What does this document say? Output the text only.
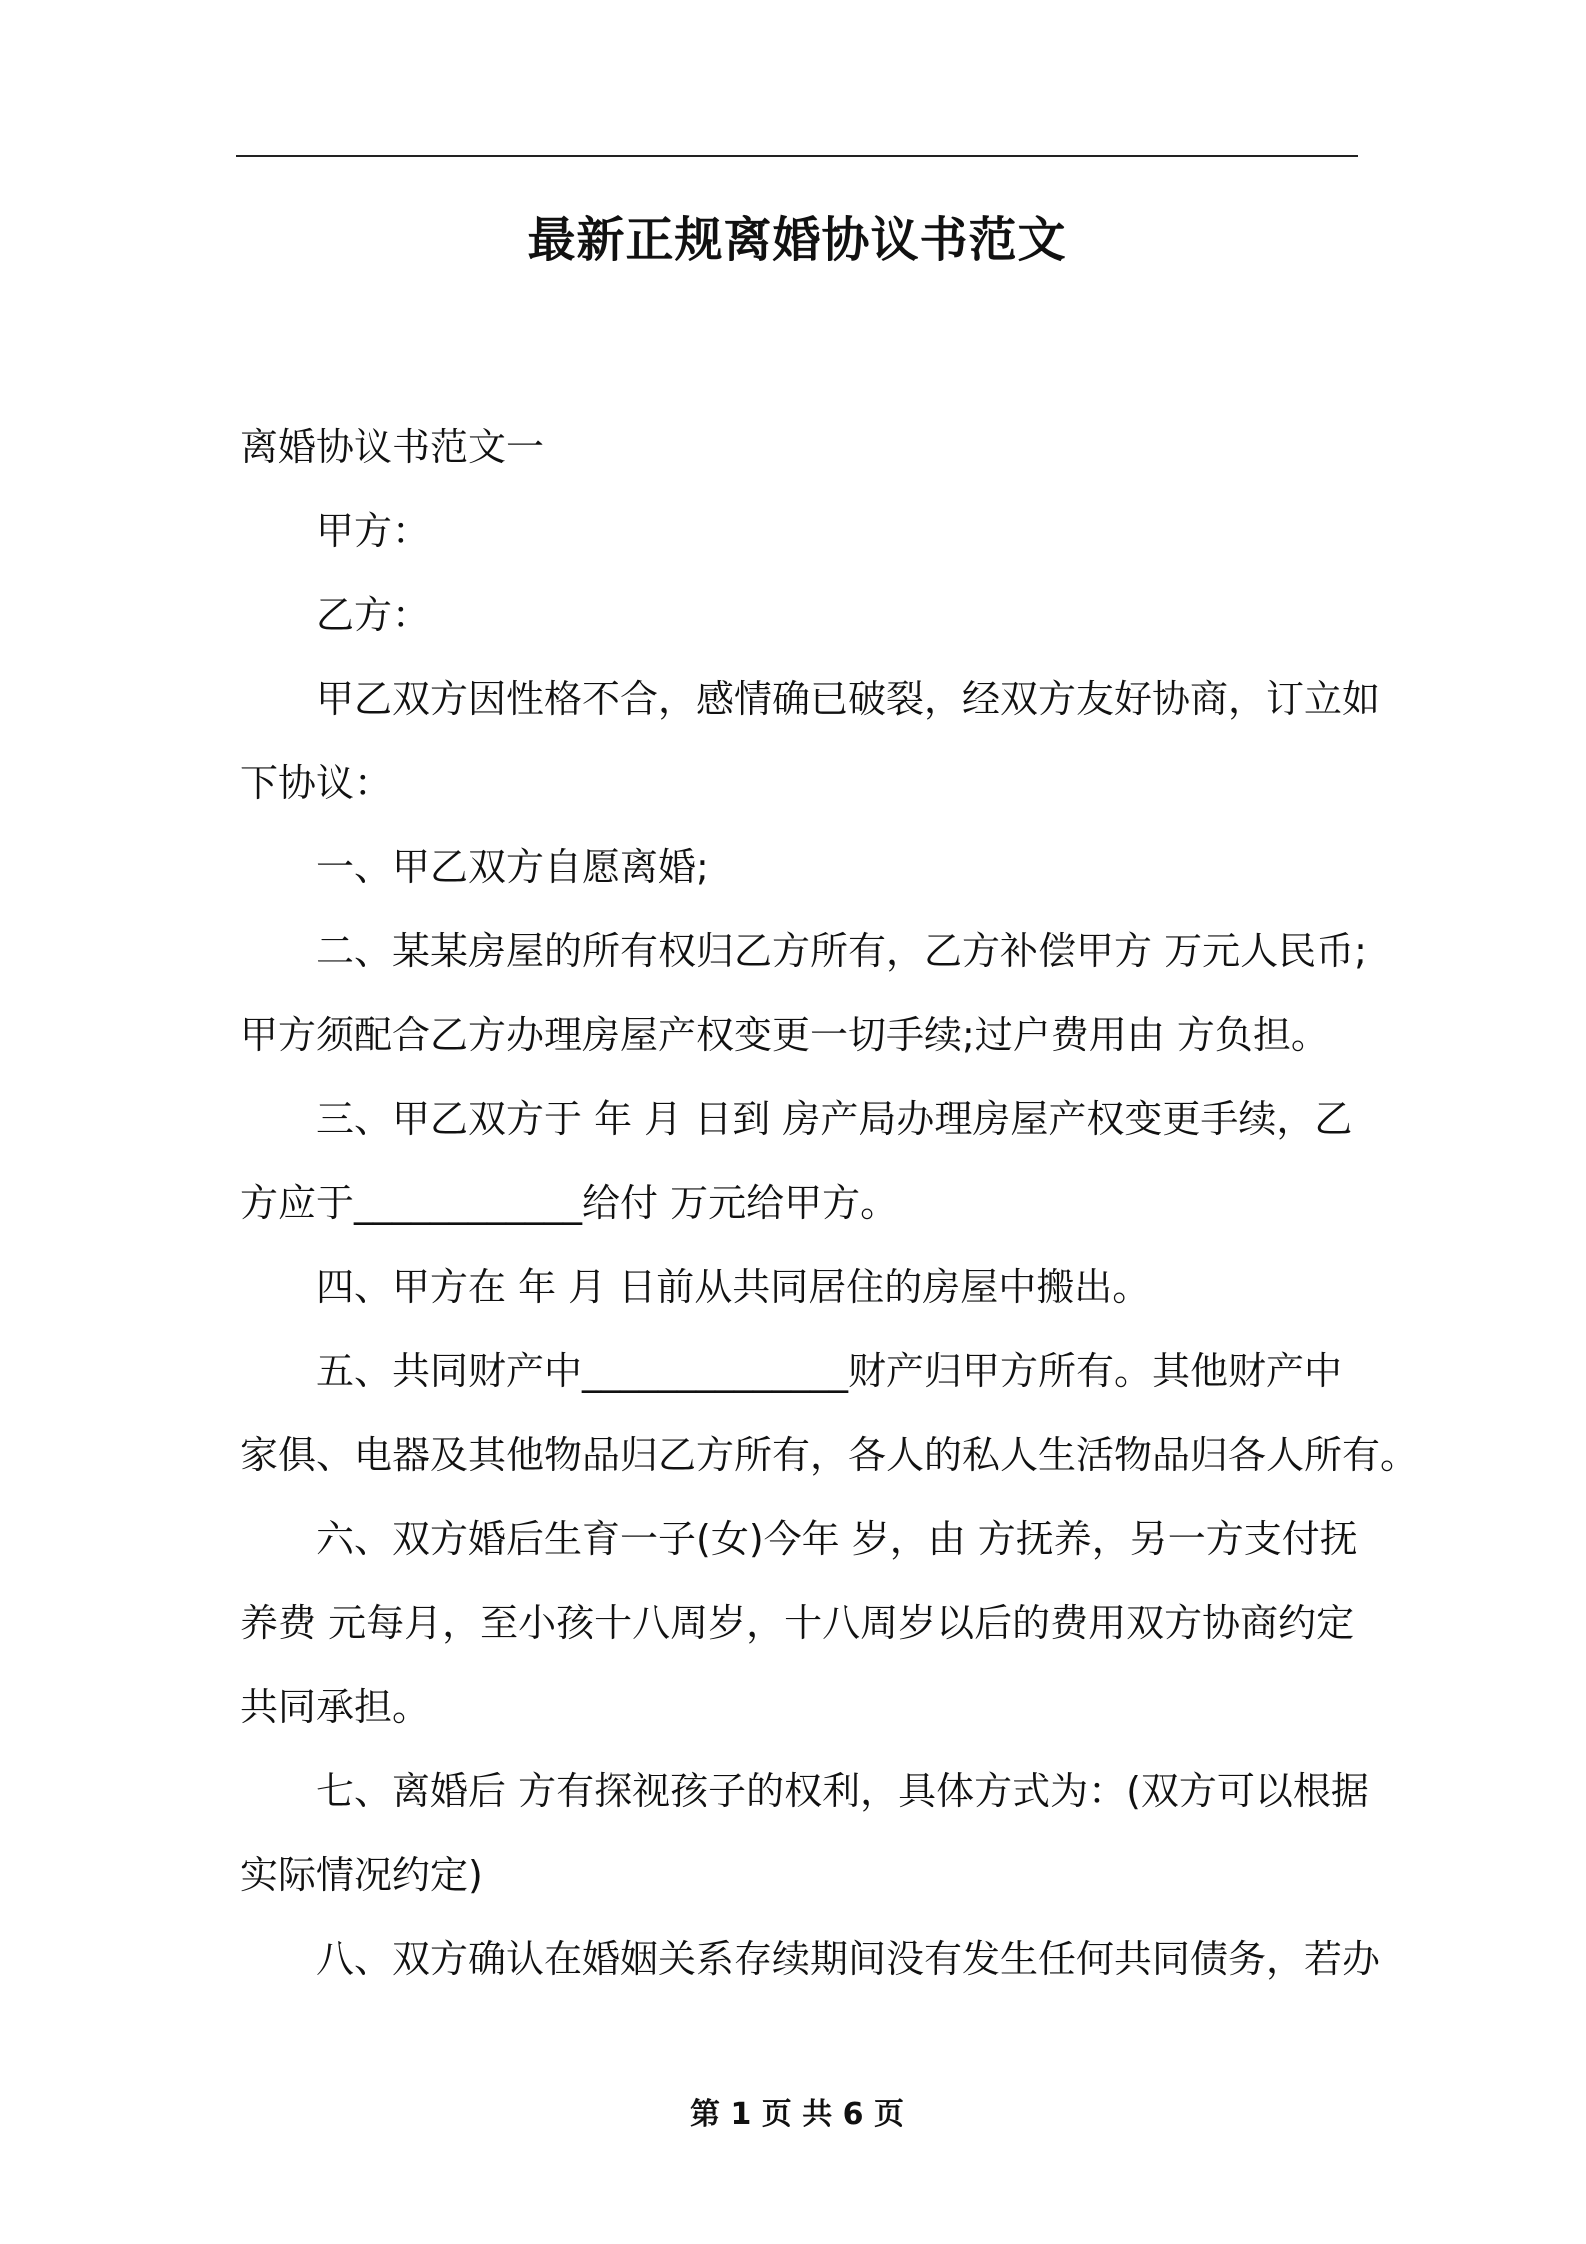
最新正规离婚协议书范文
离婚协议书范文一
甲方：
乙方：
甲乙双方因性格不合，感情确已破裂，经双方友好协商，订立如
下协议：
一、甲乙双方自愿离婚;
二、某某房屋的所有权归乙方所有，乙方补偿甲方 万元人民币;
甲方须配合乙方办理房屋产权变更一切手续;过户费用由 方负担。
三、甲乙双方于 年 月 日到 房产局办理房屋产权变更手续，乙
方应于____________给付 万元给甲方。
四、甲方在 年 月 日前从共同居住的房屋中搬出。
五、共同财产中______________财产归甲方所有。其他财产中
家俱、电器及其他物品归乙方所有，各人的私人生活物品归各人所有。
六、双方婚后生育一子(女)今年 岁，由 方抚养，另一方支付抚
养费 元每月，至小孩十八周岁，十八周岁以后的费用双方协商约定
共同承担。
七、离婚后 方有探视孩子的权利，具体方式为：(双方可以根据
实际情况约定)
八、双方确认在婚姻关系存续期间没有发生任何共同债务，若办
第 1 页 共 6 页
